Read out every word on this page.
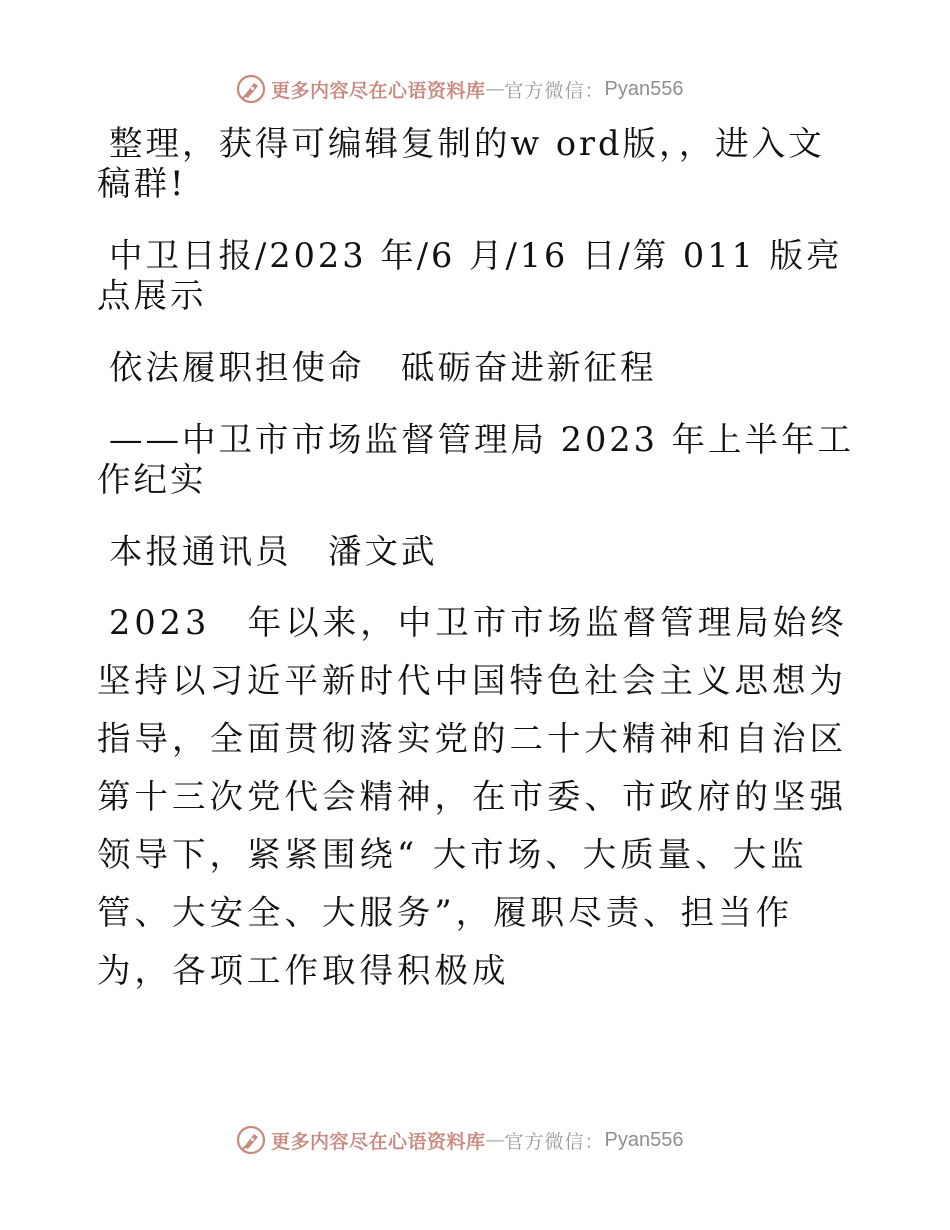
更多内容尽在心语资料库 — 官方微信： Pyan556

整理，获得可编辑复制的w ord版，，进入文稿群!

中卫日报/2023 年/6 月/16 日/第 011 版亮点展示

依法履职担使命　砥砺奋进新征程

——中卫市市场监督管理局 2023 年上半年工作纪实

本报通讯员　潘文武

2023　年以来，中卫市市场监督管理局始终坚持以习近平新时代中国特色社会主义思想为指导，全面贯彻落实党的二十大精神和自治区第十三次党代会精神，在市委、市政府的坚强领导下，紧紧围绕“ 大市场、大质量、大监管、大安全、大服务”，履职尽责、担当作为，各项工作取得积极成

更多内容尽在心语资料库 — 官方微信： Pyan556
